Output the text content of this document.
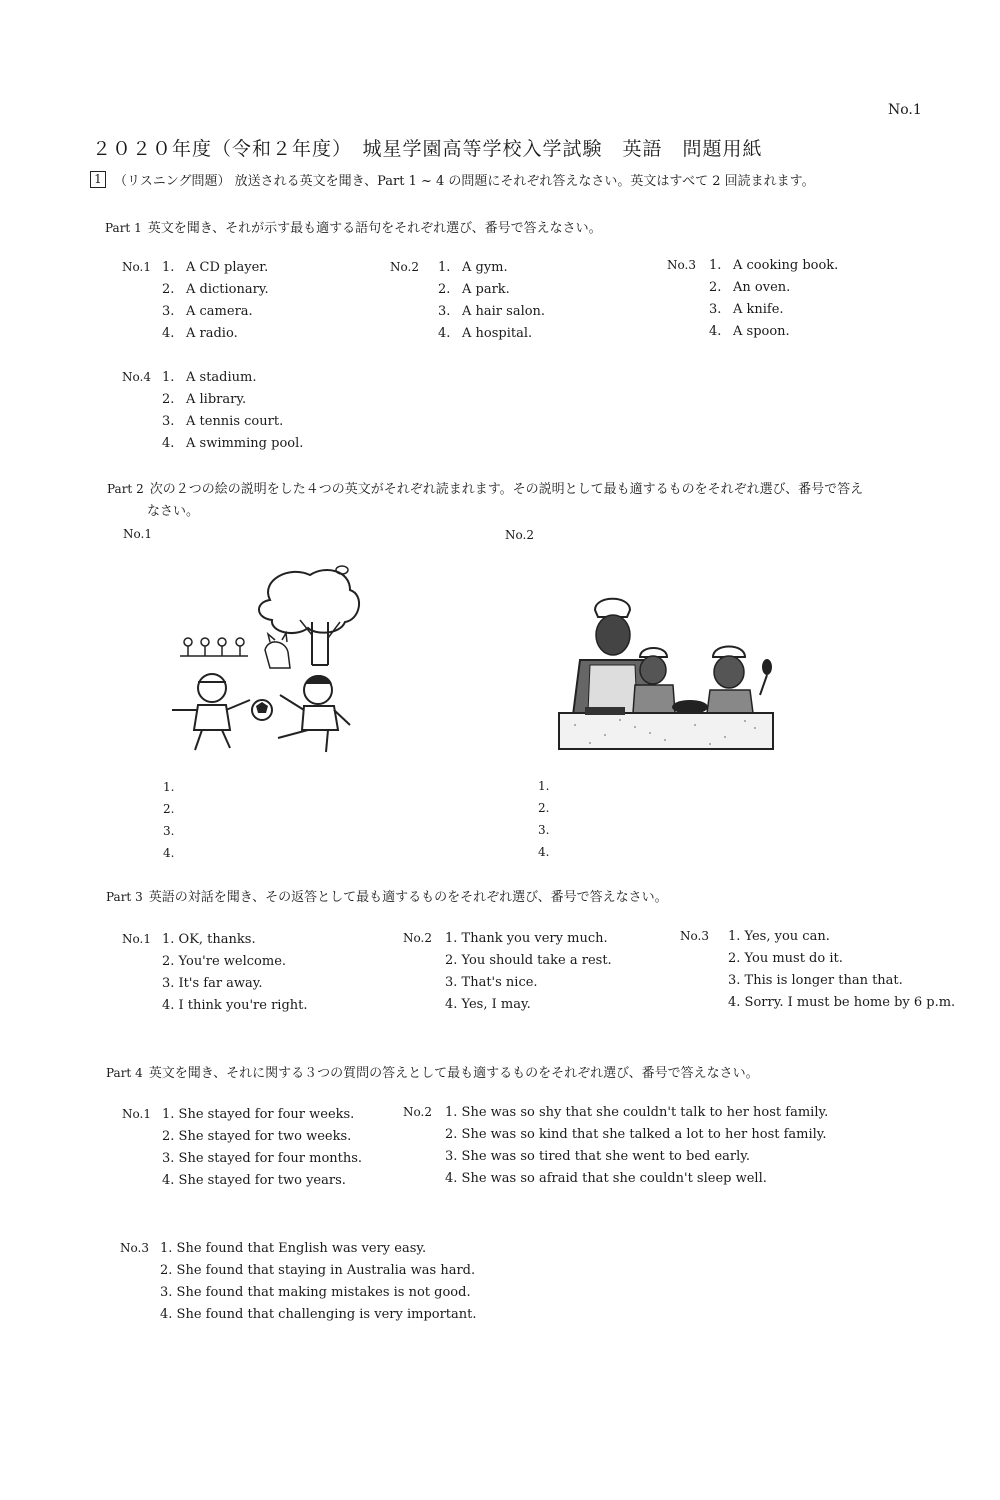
No.1
２０２０年度（令和２年度）　城星学園高等学校入学試験　英語　問題用紙
1 （リスニング問題） 放送される英文を聞き、Part 1 ~ 4 の問題にそれぞれ答えなさい。英文はすべて 2 回読まれます。
Part 1 英文を聞き、それが示す最も適する語句をそれぞれ選び、番号で答えなさい。
No.1 1. A CD player.
2. A dictionary.
3. A camera.
4. A radio.
No.2 1. A gym.
2. A park.
3. A hair salon.
4. A hospital.
No.3 1. A cooking book.
2. An oven.
3. A knife.
4. A spoon.
No.4 1. A stadium.
2. A library.
3. A tennis court.
4. A swimming pool.
Part 2 次の２つの絵の説明をした４つの英文がそれぞれ読まれます。その説明として最も適するものをそれぞれ選び、番号で答え
なさい。
No.1	No.2
1.
2.
3.
4.
1.
2.
3.
4.
Part 3 英語の対話を聞き、その返答として最も適するものをそれぞれ選び、番号で答えなさい。
No.1 1. OK, thanks.
2. You're welcome.
3. It's far away.
4. I think you're right.
No.2 1. Thank you very much.
2. You should take a rest.
3. That's nice.
4. Yes, I may.
No.3 1. Yes, you can.
2. You must do it.
3. This is longer than that.
4. Sorry. I must be home by 6 p.m.
Part 4 英文を聞き、それに関する３つの質問の答えとして最も適するものをそれぞれ選び、番号で答えなさい。
No.1 1. She stayed for four weeks.
2. She stayed for two weeks.
3. She stayed for four months.
4. She stayed for two years.
No.2 1. She was so shy that she couldn't talk to her host family.
2. She was so kind that she talked a lot to her host family.
3. She was so tired that she went to bed early.
4. She was so afraid that she couldn't sleep well.
No.3 1. She found that English was very easy.
2. She found that staying in Australia was hard.
3. She found that making mistakes is not good.
4. She found that challenging is very important.
